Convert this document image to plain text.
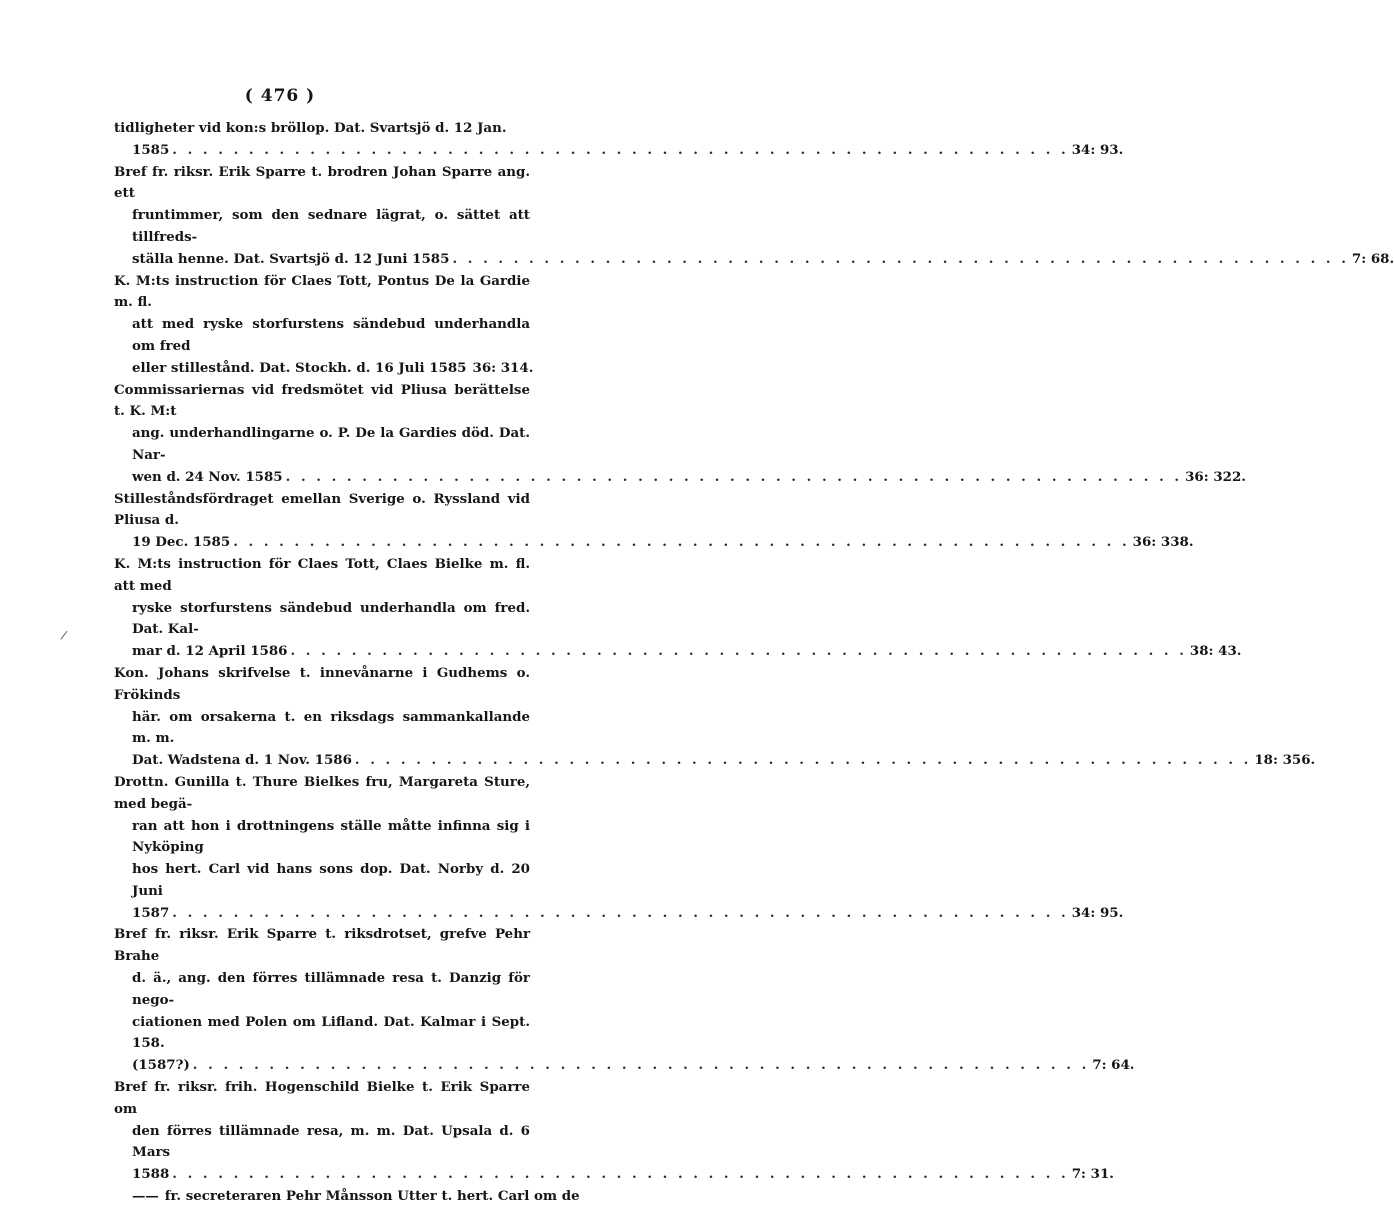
( 476 )
/
tidligheter vid kon:s bröllop. Dat. Svartsjö d. 12 Jan.
1585 . . .	34: 93.
Bref fr. riksr. Erik Sparre t. brodren Johan Sparre ang. ett
fruntimmer, som den sednare lägrat, o. sättet att tillfreds-
ställa henne. Dat. Svartsjö d. 12 Juni 1585 . . .	7: 68.
K. M:ts instruction för Claes Tott, Pontus De la Gardie m. fl.
att med ryske storfurstens sändebud underhandla om fred
eller stillestånd. Dat. Stockh. d. 16 Juli 1585 36: 314.
Commissariernas vid fredsmötet vid Pliusa berättelse t. K. M:t
ang. underhandlingarne o. P. De la Gardies död. Dat. Nar-
wen d. 24 Nov. 1585 . . .	36: 322.
Stilleståndsfördraget emellan Sverige o. Ryssland vid Pliusa d.
19 Dec. 1585 . . .	36: 338.
K. M:ts instruction för Claes Tott, Claes Bielke m. fl. att med
ryske storfurstens sändebud underhandla om fred. Dat. Kal-
mar d. 12 April 1586 . . .	38: 43.
Kon. Johans skrifvelse t. innevånarne i Gudhems o. Frökinds
här. om orsakerna t. en riksdags sammankallande m. m.
Dat. Wadstena d. 1 Nov. 1586 . . .	18: 356.
Drottn. Gunilla t. Thure Bielkes fru, Margareta Sture, med begä-
ran att hon i drottningens ställe måtte infinna sig i Nyköping
hos hert. Carl vid hans sons dop. Dat. Norby d. 20 Juni
1587 . . .	34: 95.
Bref fr. riksr. Erik Sparre t. riksdrotset, grefve Pehr Brahe
d. ä., ang. den förres tillämnade resa t. Danzig för nego-
ciationen med Polen om Lifland. Dat. Kalmar i Sept. 158.
(1587?) . . .	7: 64.
Bref fr. riksr. frih. Hogenschild Bielke t. Erik Sparre om
den förres tillämnade resa, m. m. Dat. Upsala d. 6 Mars
1588 . . .	7: 31.
—— fr. secreteraren Pehr Månsson Utter t. hert. Carl om de
